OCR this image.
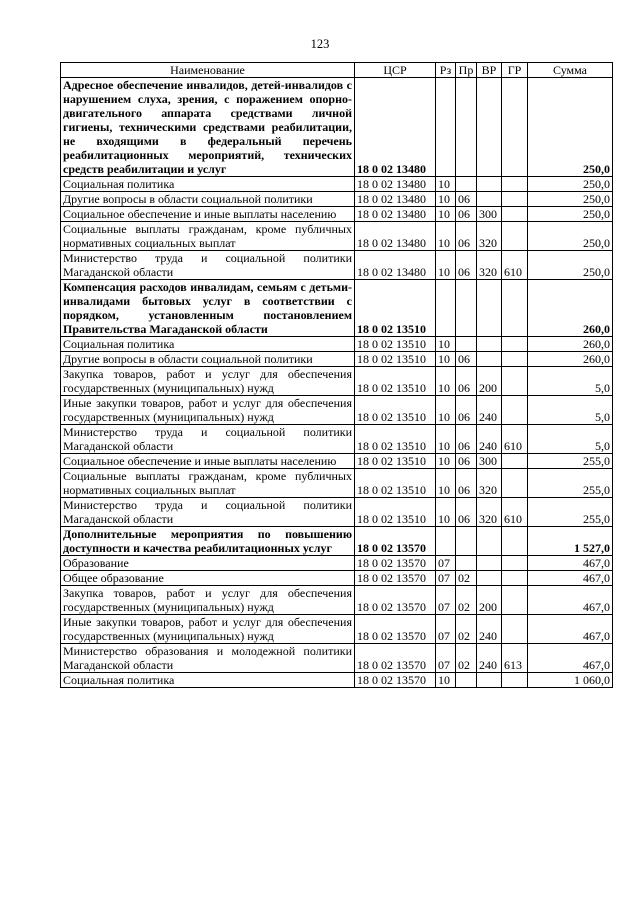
123
Наименование	ЦСР	Рз	Пр	ВР	ГР	Сумма
Адресное обеспечение инвалидов, детей-инвалидов с нарушением слуха, зрения, с поражением опорно-двигательного аппарата средствами личной гигиены, техническими средствами реабилитации, не входящими в федеральный перечень реабилитационных мероприятий, технических средств реабилитации и услуг	18 0 02 13480					250,0
Социальная политика	18 0 02 13480	10				250,0
Другие вопросы в области социальной политики	18 0 02 13480	10	06			250,0
Социальное обеспечение и иные выплаты населению	18 0 02 13480	10	06	300		250,0
Социальные выплаты гражданам, кроме публичных нормативных социальных выплат	18 0 02 13480	10	06	320		250,0
Министерство труда и социальной политики Магаданской области	18 0 02 13480	10	06	320	610	250,0
Компенсация расходов инвалидам, семьям с детьми-инвалидами бытовых услуг в соответствии с порядком, установленным постановлением Правительства Магаданской области	18 0 02 13510					260,0
Социальная политика	18 0 02 13510	10				260,0
Другие вопросы в области социальной политики	18 0 02 13510	10	06			260,0
Закупка товаров, работ и услуг для обеспечения государственных (муниципальных) нужд	18 0 02 13510	10	06	200		5,0
Иные закупки товаров, работ и услуг для обеспечения государственных (муниципальных) нужд	18 0 02 13510	10	06	240		5,0
Министерство труда и социальной политики Магаданской области	18 0 02 13510	10	06	240	610	5,0
Социальное обеспечение и иные выплаты населению	18 0 02 13510	10	06	300		255,0
Социальные выплаты гражданам, кроме публичных нормативных социальных выплат	18 0 02 13510	10	06	320		255,0
Министерство труда и социальной политики Магаданской области	18 0 02 13510	10	06	320	610	255,0
Дополнительные мероприятия по повышению доступности и качества реабилитационных услуг	18 0 02 13570					1 527,0
Образование	18 0 02 13570	07				467,0
Общее образование	18 0 02 13570	07	02			467,0
Закупка товаров, работ и услуг для обеспечения государственных (муниципальных) нужд	18 0 02 13570	07	02	200		467,0
Иные закупки товаров, работ и услуг для обеспечения государственных (муниципальных) нужд	18 0 02 13570	07	02	240		467,0
Министерство образования и молодежной политики Магаданской области	18 0 02 13570	07	02	240	613	467,0
Социальная политика	18 0 02 13570	10				1 060,0
